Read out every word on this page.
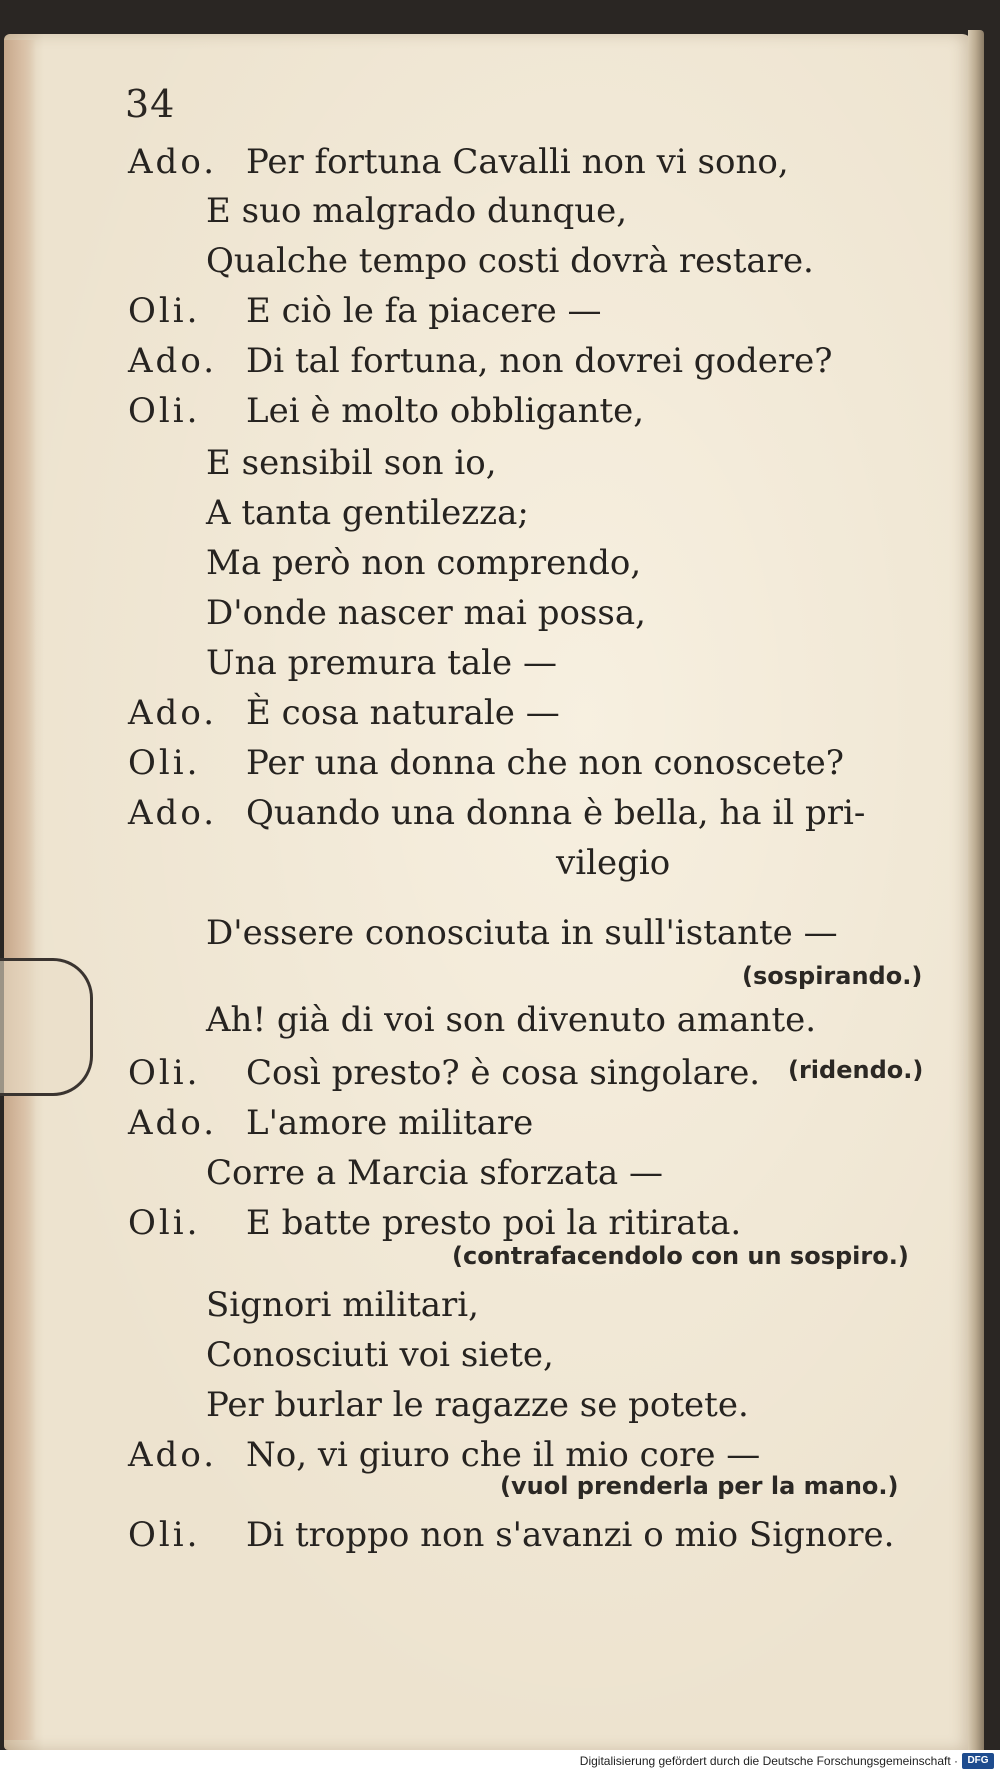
34
Ado. Per fortuna Cavalli non vi sono,
E suo malgrado dunque,
Qualche tempo costi dovrà restare.
Oli. E ciò le fa piacere —
Ado. Di tal fortuna, non dovrei godere?
Oli. Lei è molto obbligante,
E sensibil son io,
A tanta gentilezza;
Ma però non comprendo,
D'onde nascer mai possa,
Una premura tale —
Ado. È cosa naturale —
Oli. Per una donna che non conoscete?
Ado. Quando una donna è bella, ha il pri-
vilegio
D'essere conosciuta in sull'istante —
(sospirando.)
Ah! già di voi son divenuto amante.
Oli. Così presto? è cosa singolare. (ridendo.)
Ado. L'amore militare
Corre a Marcia sforzata —
Oli. E batte presto poi la ritirata.
(contrafacendolo con un sospiro.)
Signori militari,
Conosciuti voi siete,
Per burlar le ragazze se potete.
Ado. No, vi giuro che il mio core —
(vuol prenderla per la mano.)
Oli. Di troppo non s'avanzi o mio Signore.
Digitalisierung gefördert durch die Deutsche Forschungsgemeinschaft · DFG
